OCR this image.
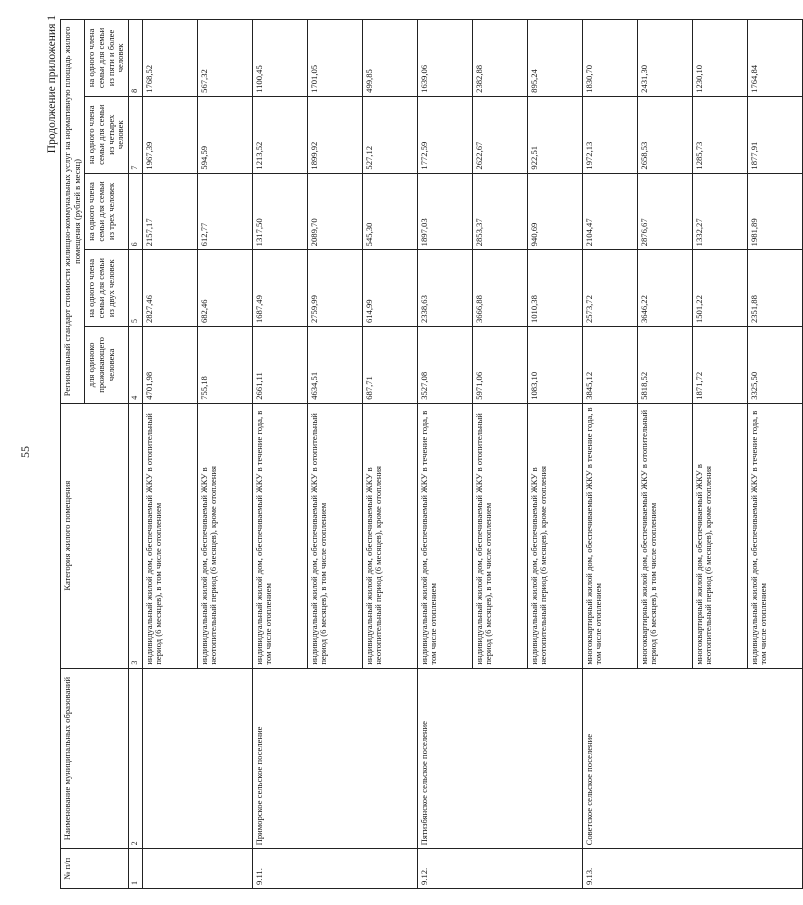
55
Продолжение приложения 1
№ п/п	Наименование муниципальных образований	Категория жилого помещения	Региональный стандарт стоимости жилищно-коммунальных услуг на нормативную площадь жилого помещения (рублей в месяц)				
			для одиноко проживающего человека	на одного члена семьи для семьи из двух человек	на одного члена семьи для семьи из трех человек	на одного члена семьи для семьи из четырех человек	на одного члена семьи для семьи из пяти и более человек
1	2	3	4	5	6	7	8
		индивидуальный жилой дом, обеспечиваемый ЖКУ в отопительный период (6 месяцев), в том числе отоплением	4701,98	2827,46	2157,17	1967,39	1768,52
		индивидуальный жилой дом, обеспечиваемый ЖКУ в неотопительный период (6 месяцев), кроме отопления	755,18	682,46	612,77	594,59	567,32
9.11.	Приморское сельское поселение	индивидуальный жилой дом, обеспечиваемый ЖКУ в течение года, в том числе отоплением	2661,11	1687,49	1317,50	1213,52	1100,45
		индивидуальный жилой дом, обеспечиваемый ЖКУ в отопительный период (6 месяцев), в том числе отоплением	4634,51	2759,99	2089,70	1899,92	1701,05
		индивидуальный жилой дом, обеспечиваемый ЖКУ в неотопительный период (6 месяцев), кроме отопления	687,71	614,99	545,30	527,12	499,85
9.12.	Пятизбянское сельское поселение	индивидуальный жилой дом, обеспечиваемый ЖКУ в течение года, в том числе отоплением	3527,08	2338,63	1897,03	1772,59	1639,06
		индивидуальный жилой дом, обеспечиваемый ЖКУ в отопительный период (6 месяцев), в том числе отоплением	5971,06	3666,88	2853,37	2622,67	2382,88
		индивидуальный жилой дом, обеспечиваемый ЖКУ в неотопительный период (6 месяцев), кроме отопления	1083,10	1010,38	940,69	922,51	895,24
9.13.	Советское сельское поселение	многоквартирный жилой дом, обеспечиваемый ЖКУ в течение года, в том числе отоплением	3845,12	2573,72	2104,47	1972,13	1830,70
		многоквартирный жилой дом, обеспечиваемый ЖКУ в отопительный период (6 месяцев), в том числе отоплением	5818,52	3646,22	2876,67	2658,53	2431,30
		многоквартирный жилой дом, обеспечиваемый ЖКУ в неотопительный период (6 месяцев), кроме отопления	1871,72	1501,22	1332,27	1285,73	1230,10
		индивидуальный жилой дом, обеспечиваемый ЖКУ в течение года, в том числе отоплением	3325,50	2351,88	1981,89	1877,91	1764,84
